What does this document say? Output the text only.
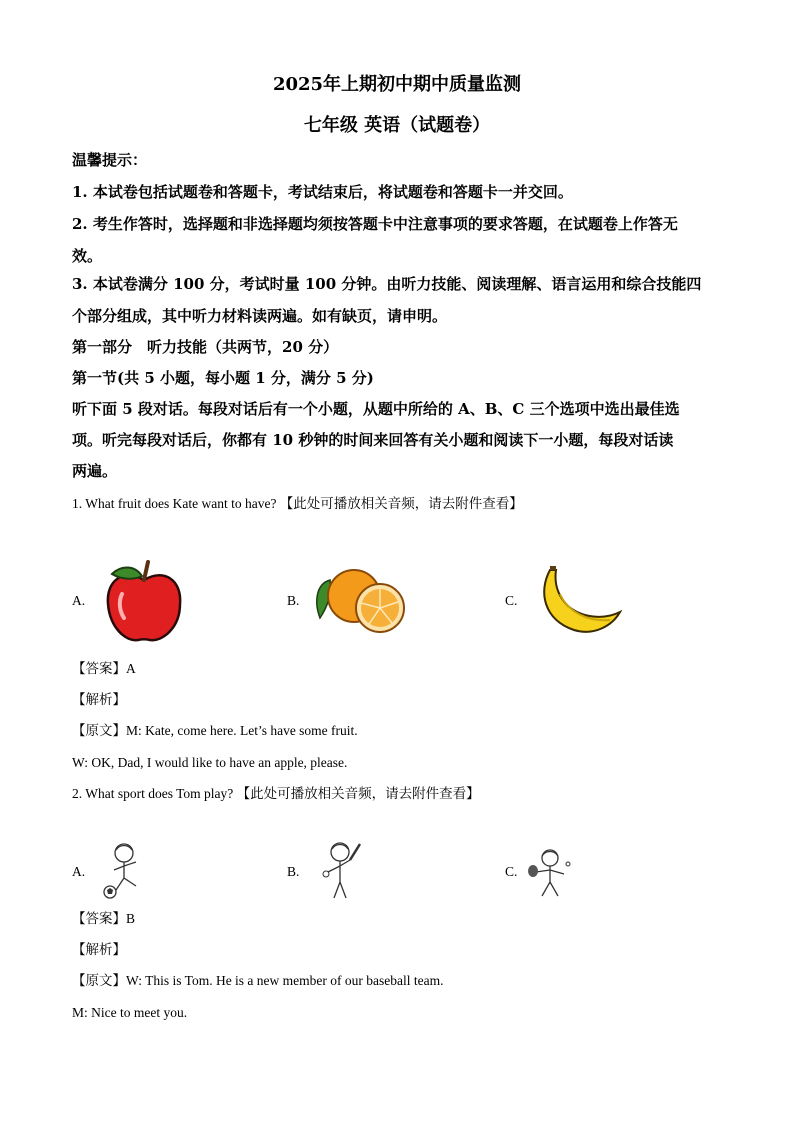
2025年上期初中期中质量监测
七年级 英语（试题卷）
温馨提示：
1. 本试卷包括试题卷和答题卡，考试结束后，将试题卷和答题卡一并交回。
2. 考生作答时，选择题和非选择题均须按答题卡中注意事项的要求答题，在试题卷上作答无
效。
3. 本试卷满分 100 分，考试时量 100 分钟。由听力技能、阅读理解、语言运用和综合技能四
个部分组成，其中听力材料读两遍。如有缺页，请申明。
第一部分　听力技能（共两节，20 分）
第一节(共 5 小题，每小题 1 分，满分 5 分)
听下面 5 段对话。每段对话后有一个小题，从题中所给的 A、B、C 三个选项中选出最佳选
项。听完每段对话后，你都有 10 秒钟的时间来回答有关小题和阅读下一小题，每段对话读
两遍。
1. What fruit does Kate want to have? 【此处可播放相关音频，请去附件查看】
A.	B.	C.
【答案】A
【解析】
【原文】M: Kate, come here. Let’s have some fruit.
W: OK, Dad, I would like to have an apple, please.
2. What sport does Tom play? 【此处可播放相关音频，请去附件查看】
A.	B.	C.
【答案】B
【解析】
【原文】W: This is Tom. He is a new member of our baseball team.
M: Nice to meet you.
